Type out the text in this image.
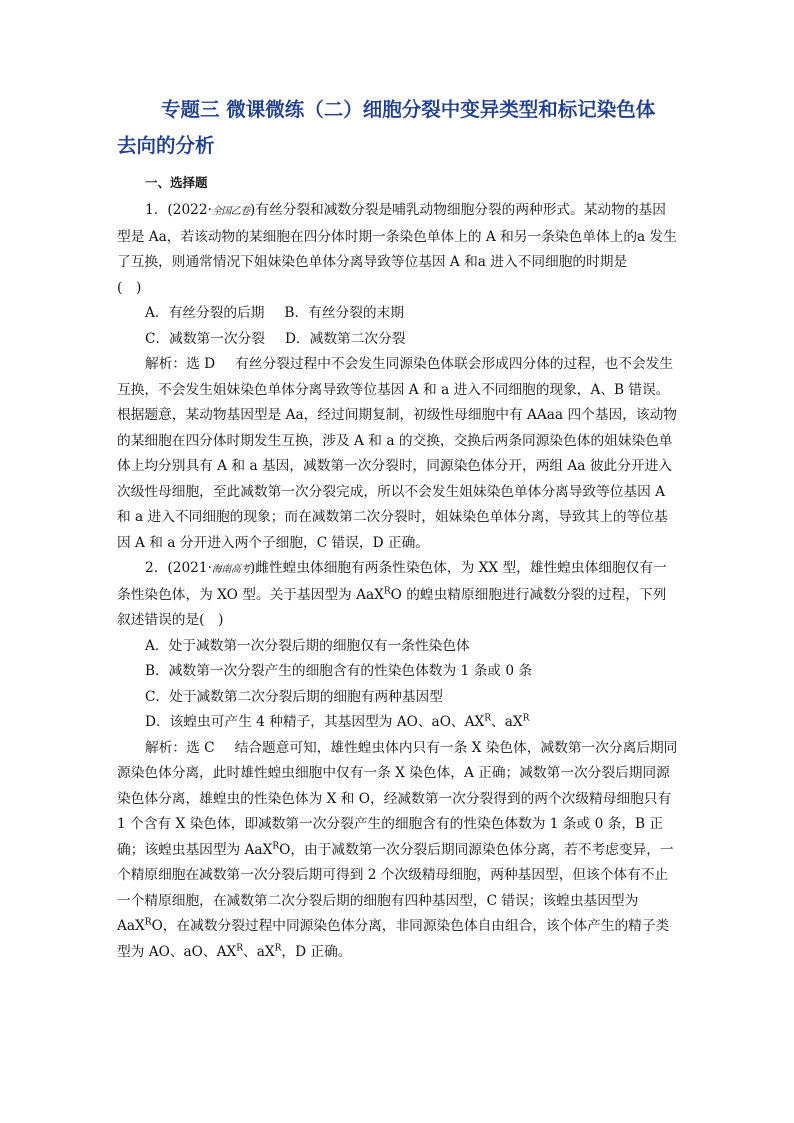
专题三 微课微练（二）细胞分裂中变异类型和标记染色体
去向的分析
一、选择题

1．(2022·全国乙卷)有丝分裂和减数分裂是哺乳动物细胞分裂的两种形式。某动物的基因型是 Aa，若该动物的某细胞在四分体时期一条染色单体上的 A 和另一条染色单体上的a 发生了互换，则通常情况下姐妹染色单体分离导致等位基因 A 和a 进入不同细胞的时期是

(　)

A．有丝分裂的后期 B．有丝分裂的末期

C．减数第一次分裂 D．减数第二次分裂

解析：选 D 有丝分裂过程中不会发生同源染色体联会形成四分体的过程，也不会发生互换，不会发生姐妹染色单体分离导致等位基因 A 和 a 进入不同细胞的现象，A、B 错误。根据题意，某动物基因型是 Aa，经过间期复制，初级性母细胞中有 AAaa 四个基因，该动物的某细胞在四分体时期发生互换，涉及 A 和 a 的交换，交换后两条同源染色体的姐妹染色单体上均分别具有 A 和 a 基因，减数第一次分裂时，同源染色体分开，两组 Aa 彼此分开进入次级性母细胞，至此减数第一次分裂完成，所以不会发生姐妹染色单体分离导致等位基因 A 和 a 进入不同细胞的现象；而在减数第二次分裂时，姐妹染色单体分离，导致其上的等位基因 A 和 a 分开进入两个子细胞，C 错误，D 正确。

2．(2021·海南高考)雌性蝗虫体细胞有两条性染色体，为 XX 型，雄性蝗虫体细胞仅有一条性染色体，为 XO 型。关于基因型为 AaX$^R$O 的蝗虫精原细胞进行减数分裂的过程，下列叙述错误的是(　)

A．处于减数第一次分裂后期的细胞仅有一条性染色体

B．减数第一次分裂产生的细胞含有的性染色体数为 1 条或 0 条

C．处于减数第二次分裂后期的细胞有两种基因型

D．该蝗虫可产生 4 种精子，其基因型为 AO、aO、$AX^R$、$aX^R$

解析：选 C 结合题意可知，雄性蝗虫体内只有一条 X 染色体，减数第一次分离后期同源染色体分离，此时雄性蝗虫细胞中仅有一条 X 染色体，A 正确；减数第一次分裂后期同源染色体分离，雄蝗虫的性染色体为 X 和 O，经减数第一次分裂得到的两个次级精母细胞只有 1 个含有 X 染色体，即减数第一次分裂产生的细胞含有的性染色体数为 1 条或 0 条，B 正确；该蝗虫基因型为 AaX$^R$O，由于减数第一次分裂后期同源染色体分离，若不考虑变异，一个精原细胞在减数第一次分裂后期可得到 2 个次级精母细胞，两种基因型，但该个体有不止一个精原细胞，在减数第二次分裂后期的细胞有四种基因型，C 错误；该蝗虫基因型为 AaX$^R$O，在减数分裂过程中同源染色体分离，非同源染色体自由组合，该个体产生的精子类型为 AO、aO、$AX^R$、$aX^R$，D 正确。
